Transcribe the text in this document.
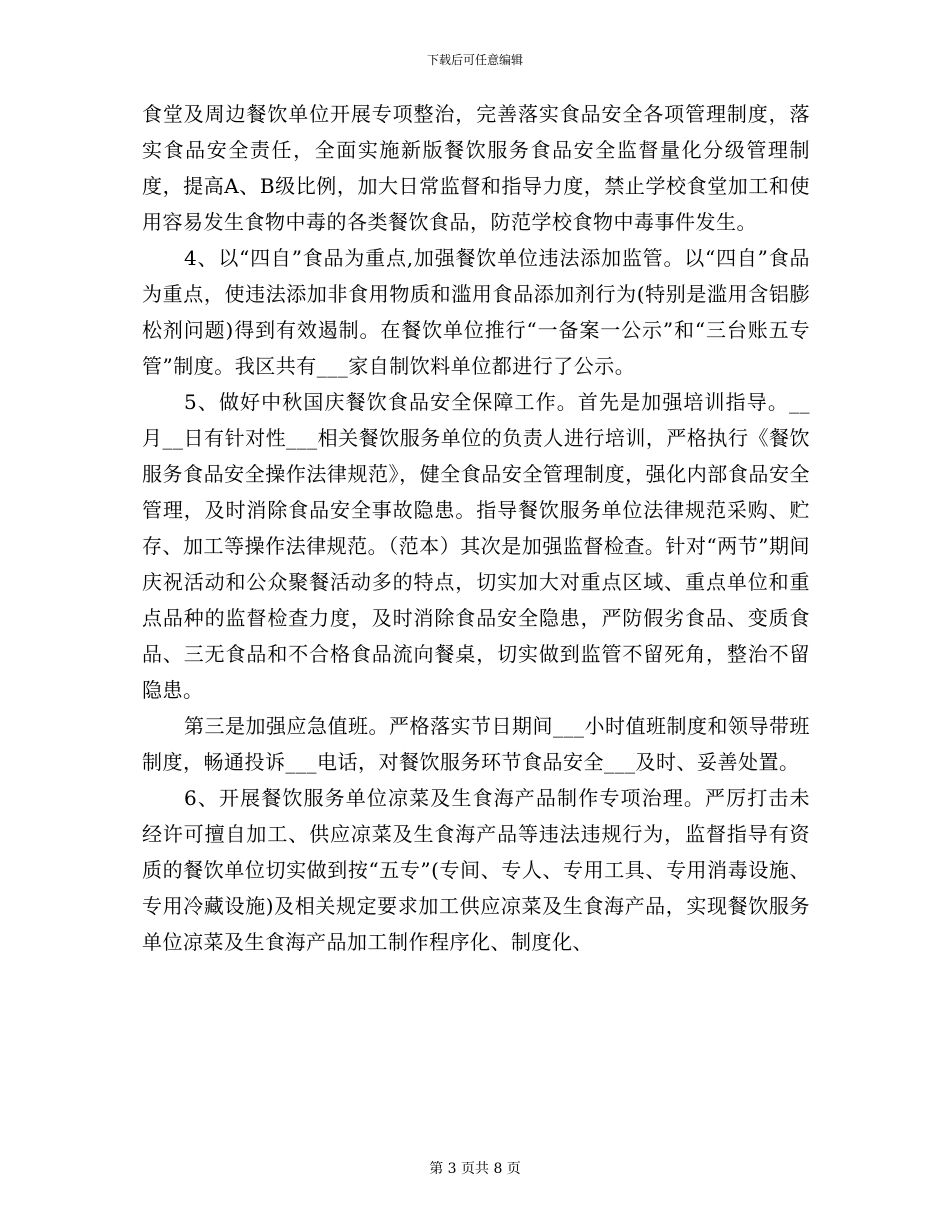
下载后可任意编辑

食堂及周边餐饮单位开展专项整治，完善落实食品安全各项管理制度，落实食品安全责任，全面实施新版餐饮服务食品安全监督量化分级管理制度，提高A、B级比例，加大日常监督和指导力度，禁止学校食堂加工和使用容易发生食物中毒的各类餐饮食品，防范学校食物中毒事件发生。

4、以“四自”食品为重点,加强餐饮单位违法添加监管。以“四自”食品为重点，使违法添加非食用物质和滥用食品添加剂行为(特别是滥用含铝膨松剂问题)得到有效遏制。在餐饮单位推行“一备案一公示”和“三台账五专管”制度。我区共有___家自制饮料单位都进行了公示。

5、做好中秋国庆餐饮食品安全保障工作。首先是加强培训指导。__月__日有针对性___相关餐饮服务单位的负责人进行培训，严格执行《餐饮服务食品安全操作法律规范》，健全食品安全管理制度，强化内部食品安全管理，及时消除食品安全事故隐患。指导餐饮服务单位法律规范采购、贮存、加工等操作法律规范。（范本）其次是加强监督检查。针对“两节”期间庆祝活动和公众聚餐活动多的特点，切实加大对重点区域、重点单位和重点品种的监督检查力度，及时消除食品安全隐患，严防假劣食品、变质食品、三无食品和不合格食品流向餐桌，切实做到监管不留死角，整治不留隐患。

第三是加强应急值班。严格落实节日期间___小时值班制度和领导带班制度，畅通投诉___电话，对餐饮服务环节食品安全___及时、妥善处置。

6、开展餐饮服务单位凉菜及生食海产品制作专项治理。严厉打击未经许可擅自加工、供应凉菜及生食海产品等违法违规行为，监督指导有资质的餐饮单位切实做到按“五专”(专间、专人、专用工具、专用消毒设施、专用冷藏设施)及相关规定要求加工供应凉菜及生食海产品，实现餐饮服务单位凉菜及生食海产品加工制作程序化、制度化、

第 3 页共 8 页
